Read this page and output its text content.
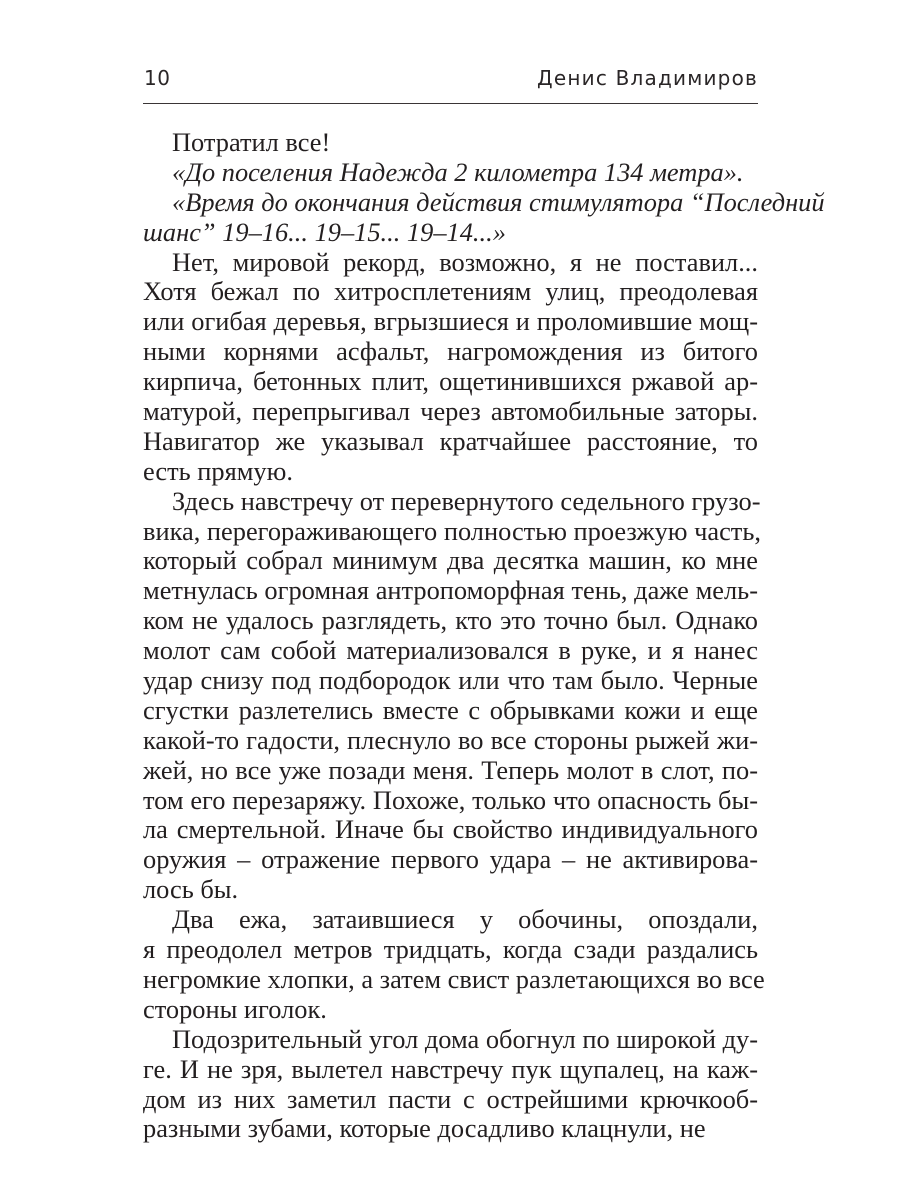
10	Денис Владимиров
Потратил все!
«До поселения Надежда 2 километра 134 метра».
«Время до окончания действия стимулятора “Последний
шанс” 19–16... 19–15... 19–14...»
Нет, мировой рекорд, возможно, я не поставил...
Хотя бежал по хитросплетениям улиц, преодолевая
или огибая деревья, вгрызшиеся и проломившие мощ-
ными корнями асфальт, нагромождения из битого
кирпича, бетонных плит, ощетинившихся ржавой ар-
матурой, перепрыгивал через автомобильные заторы.
Навигатор же указывал кратчайшее расстояние, то
есть прямую.
Здесь навстречу от перевернутого седельного грузо-
вика, перегораживающего полностью проезжую часть,
который собрал минимум два десятка машин, ко мне
метнулась огромная антропоморфная тень, даже мель-
ком не удалось разглядеть, кто это точно был. Однако
молот сам собой материализовался в руке, и я нанес
удар снизу под подбородок или что там было. Черные
сгустки разлетелись вместе с обрывками кожи и еще
какой-то гадости, плеснуло во все стороны рыжей жи-
жей, но все уже позади меня. Теперь молот в слот, по-
том его перезаряжу. Похоже, только что опасность бы-
ла смертельной. Иначе бы свойство индивидуального
оружия – отражение первого удара – не активирова-
лось бы.
Два ежа, затаившиеся у обочины, опоздали,
я преодолел метров тридцать, когда сзади раздались
негромкие хлопки, а затем свист разлетающихся во все
стороны иголок.
Подозрительный угол дома обогнул по широкой ду-
ге. И не зря, вылетел навстречу пук щупалец, на каж-
дом из них заметил пасти с острейшими крючкооб-
разными зубами, которые досадливо клацнули, не
